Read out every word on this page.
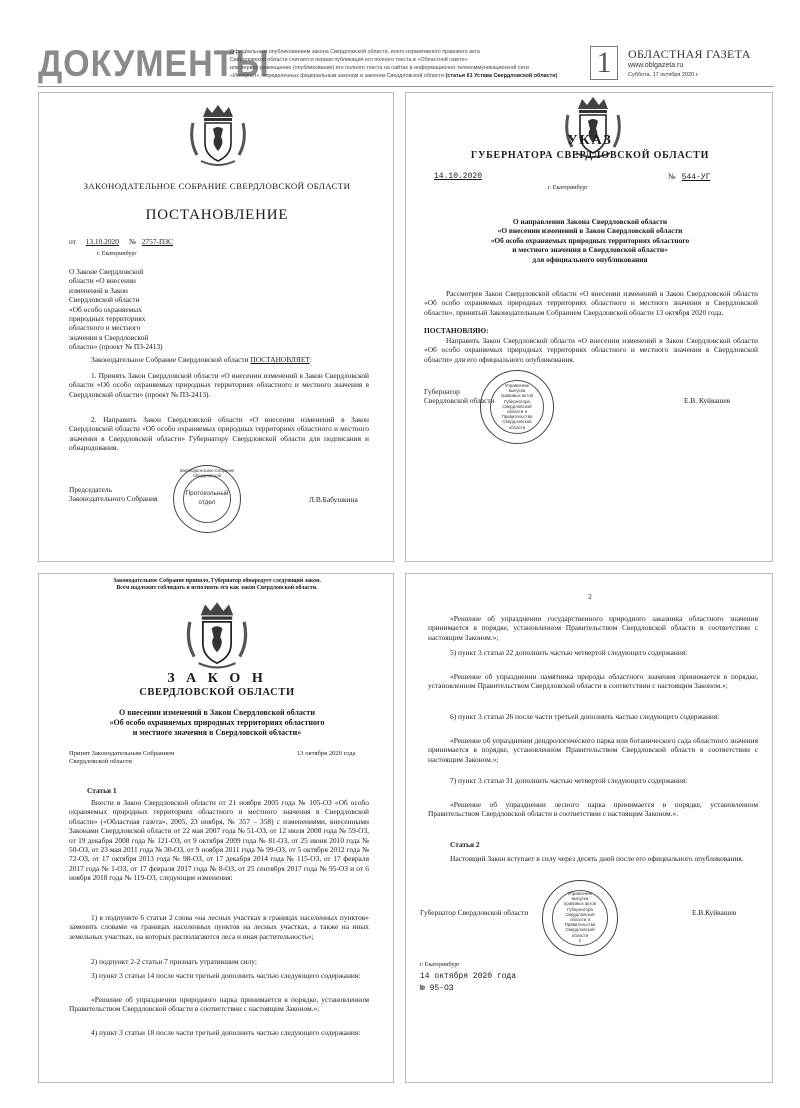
ДОКУМЕНТЫ
Официальным опубликованием закона Свердловской области, иного нормативного правового акта
Свердловской области считается первая публикация его полного текста в «Областной газете»
или первое размещение (опубликование) его полного текста на сайтах в информационно-телекоммуникационной сети
«Интернет», определенных федеральным законом и законом Свердловской области (статья 61 Устава Свердловской области)	1	ОБЛАСТНАЯ ГАЗЕТА
www.oblgazeta.ru
Суббота, 17 октября 2020 г.
ЗАКОНОДАТЕЛЬНОЕ СОБРАНИЕ СВЕРДЛОВСКОЙ ОБЛАСТИ
ПОСТАНОВЛЕНИЕ
от 13.10.2020 № 2757-ПЗС
г. Екатеринбург
О Законе Свердловской
области «О внесении
изменений в Закон
Свердловской области
«Об особо охраняемых
природных территориях
областного и местного
значения в Свердловской
области» (проект № ПЗ-2413)
Законодательное Собрание Свердловской области ПОСТАНОВЛЯЕТ:
1. Принять Закон Свердловской области «О внесении изменений в Закон Свердловской области «Об особо охраняемых природных территориях областного и местного значения в Свердловской области» (проект № ПЗ-2413).
2. Направить Закон Свердловской области «О внесении изменений в Закон Свердловской области «Об особо охраняемых природных территориях областного и местного значения в Свердловской области» Губернатору Свердловской области для подписания и обнародования.
Председатель
Законодательного Собрания	Л.В.Бабушкина
Протокольный
отдел
Законодательное Собрание Свердловской
УКАЗ
ГУБЕРНАТОРА СВЕРДЛОВСКОЙ ОБЛАСТИ
14.10.2020	№ 544-УГ
г. Екатеринбург
О направлении Закона Свердловской области
«О внесении изменений в Закон Свердловской области
«Об особо охраняемых природных территориях областного
и местного значения в Свердловской области»
для официального опубликования
Рассмотрев Закон Свердловской области «О внесении изменений в Закон Свердловской области «Об особо охраняемых природных территориях областного и местного значения в Свердловской области», принятый Законодательным Собранием Свердловской области 13 октября 2020 года,
ПОСТАНОВЛЯЮ:
Направить Закон Свердловской области «О внесении изменений в Закон Свердловской области «Об особо охраняемых природных территориях областного и местного значения в Свердловской области» для его официального опубликования.
Губернатор
Свердловской области	Е.В. Куйвашев
Управление
выпуска
правовых актов
Губернатора
Свердловской
области и
Правительства
Свердловской
области
Законодательное Собрание приняло, Губернатор обнародует следующий закон.
Всем надлежит соблюдать и исполнять его как закон Свердловской области.
З А К О Н
СВЕРДЛОВСКОЙ ОБЛАСТИ
О внесении изменений в Закон Свердловской области
«Об особо охраняемых природных территориях областного
и местного значения в Свердловской области»
Принят Законодательным Собранием
Свердловской области
13 октября 2020 года
Статья 1
Внести в Закон Свердловской области от 21 ноября 2005 года № 105-ОЗ «Об особо охраняемых природных территориях областного и местного значения в Свердловской области» («Областная газета», 2005, 23 ноября, № 357 – 358) с изменениями, внесенными Законами Свердловской области от 22 мая 2007 года № 51-ОЗ, от 12 июля 2008 года № 59-ОЗ, от 19 декабря 2008 года № 121-ОЗ, от 9 октября 2009 года № 81-ОЗ, от 25 июня 2010 года № 50-ОЗ, от 23 мая 2011 года № 30-ОЗ, от 9 ноября 2011 года № 99-ОЗ, от 5 октября 2012 года № 72-ОЗ, от 17 октября 2013 года № 98-ОЗ, от 17 декабря 2014 года № 115-ОЗ, от 17 февраля 2017 года № 1-ОЗ, от 17 февраля 2017 года № 8-ОЗ, от 25 сентября 2017 года № 95-ОЗ и от 6 ноября 2018 года № 119-ОЗ, следующие изменения:
1) в подпункте 6 статьи 2 слова «на лесных участках в границах населенных пунктов» заменить словами «в границах населенных пунктов на лесных участках, а также на иных земельных участках, на которых располагаются леса и иная растительность»;
2) подпункт 2-2 статьи 7 признать утратившим силу;
3) пункт 3 статьи 14 после части третьей дополнить частью следующего содержания:
«Решение об упразднении природного парка принимается в порядке, установленном Правительством Свердловской области в соответствии с настоящим Законом.»;
4) пункт 3 статьи 18 после части третьей дополнить частью следующего содержания:
2
«Решение об упразднении государственного природного заказника областного значения принимается в порядке, установленном Правительством Свердловской области в соответствии с настоящим Законом.»;
5) пункт 3 статьи 22 дополнить частью четвертой следующего содержания:
«Решение об упразднении памятника природы областного значения принимается в порядке, установленном Правительством Свердловской области в соответствии с настоящим Законом.»;
6) пункт 3 статьи 26 после части третьей дополнить частью следующего содержания:
«Решение об упразднении дендрологического парка или ботанического сада областного значения принимается в порядке, установленном Правительством Свердловской области в соответствии с настоящим Законом.»;
7) пункт 3 статьи 31 дополнить частью четвертой следующего содержания:
«Решение об упразднении лесного парка принимается в порядке, установленном Правительством Свердловской области в соответствии с настоящим Законом.».
Статья 2
Настоящий Закон вступает в силу через десять дней после его официального опубликования.
Губернатор Свердловской области	Е.В.Куйвашев
Управление
выпуска
правовых актов
Губернатора
Свердловской
области и
Правительства
Свердловской
области
2
г. Екатеринбург
14 октября 2020 года
№ 95-ОЗ
